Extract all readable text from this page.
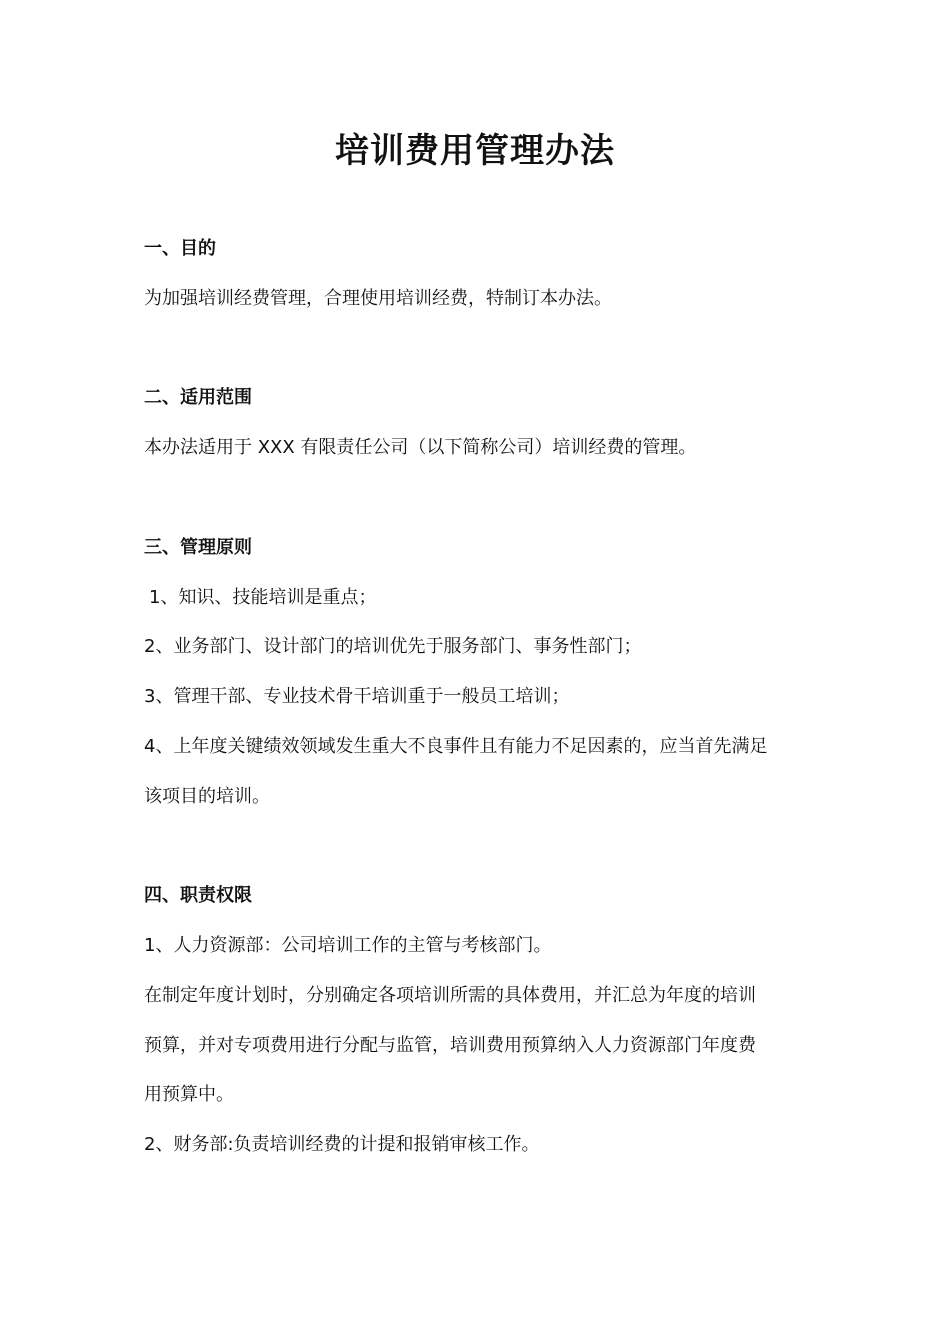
培训费用管理办法
一、目的
为加强培训经费管理，合理使用培训经费，特制订本办法。
二、适用范围
本办法适用于 XXX 有限责任公司（以下简称公司）培训经费的管理。
三、管理原则
1、知识、技能培训是重点；
2、业务部门、设计部门的培训优先于服务部门、事务性部门；
3、管理干部、专业技术骨干培训重于一般员工培训；
4、上年度关键绩效领域发生重大不良事件且有能力不足因素的，应当首先满足
该项目的培训。
四、职责权限
1、人力资源部：公司培训工作的主管与考核部门。
在制定年度计划时，分别确定各项培训所需的具体费用，并汇总为年度的培训
预算，并对专项费用进行分配与监管，培训费用预算纳入人力资源部门年度费
用预算中。
2、财务部:负责培训经费的计提和报销审核工作。
